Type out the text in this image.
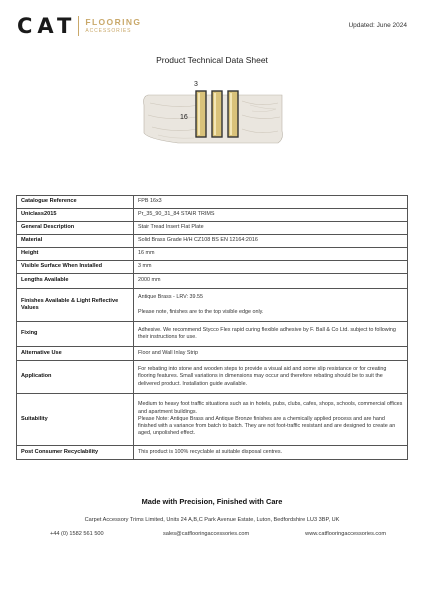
CAT FLOORING
ACCESSORIES
Updated: June 2024
Product Technical Data Sheet
3
16
Catalogue Reference	FPB 16x3
Uniclass2015	Pr_35_90_31_84 STAIR TRIMS
General Description	Stair Tread Insert Flat Plate
Material	Solid Brass Grade H/H CZ108 BS EN 12164:2016
Height	16 mm
Visible Surface When Installed	3 mm
Lengths Available	2000 mm
Finishes Available & Light Reflective Values	Antique Brass - LRV: 39.55
Please note, finishes are to the top visible edge only.

Fixing	Adhesive. We recommend Stycco Flex rapid curing flexible adhesive by F. Ball & Co Ltd. subject to following their instructions for use.
Alternative Use	Floor and Wall Inlay Strip
Application	For rebating into stone and wooden steps to provide a visual aid and some slip resistance or for creating flooring features. Small variations in dimensions may occur and therefore rebating should be to suit the delivered product. Installation guide available.
Suitability	Medium to heavy foot traffic situations such as in hotels, pubs, clubs, cafes, shops, schools, commercial offices and apartment buildings.
Please Note: Antique Brass and Antique Bronze finishes are a chemically applied process and are hand finished with a variance from batch to batch. They are not foot-traffic resistant and are designed to create an aged, unpolished effect.

Post Consumer Recyclability	This product is 100% recyclable at suitable disposal centres.
Made with Precision, Finished with Care
Carpet Accessory Trims Limited, Units 24 A,B,C Park Avenue Estate, Luton, Bedfordshire LU3 3BP, UK
+44 (0) 1582 561 500	sales@catflooringaccessories.com	www.catflooringaccessories.com
